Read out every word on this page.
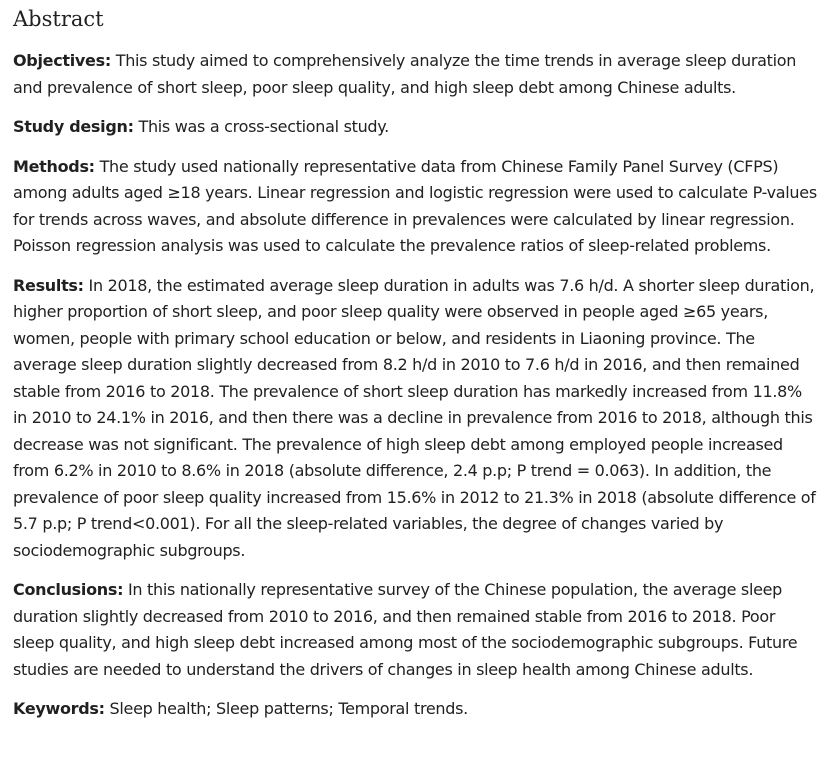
Abstract

Objectives: This study aimed to comprehensively analyze the time trends in average sleep duration and prevalence of short sleep, poor sleep quality, and high sleep debt among Chinese adults.

Study design: This was a cross-sectional study.

Methods: The study used nationally representative data from Chinese Family Panel Survey (CFPS) among adults aged ≥18 years. Linear regression and logistic regression were used to calculate P-values for trends across waves, and absolute difference in prevalences were calculated by linear regression. Poisson regression analysis was used to calculate the prevalence ratios of sleep-related problems.

Results: In 2018, the estimated average sleep duration in adults was 7.6 h/d. A shorter sleep duration, higher proportion of short sleep, and poor sleep quality were observed in people aged ≥65 years, women, people with primary school education or below, and residents in Liaoning province. The average sleep duration slightly decreased from 8.2 h/d in 2010 to 7.6 h/d in 2016, and then remained stable from 2016 to 2018. The prevalence of short sleep duration has markedly increased from 11.8% in 2010 to 24.1% in 2016, and then there was a decline in prevalence from 2016 to 2018, although this decrease was not significant. The prevalence of high sleep debt among employed people increased from 6.2% in 2010 to 8.6% in 2018 (absolute difference, 2.4 p.p; P trend = 0.063). In addition, the prevalence of poor sleep quality increased from 15.6% in 2012 to 21.3% in 2018 (absolute difference of 5.7 p.p; P trend<0.001). For all the sleep-related variables, the degree of changes varied by sociodemographic subgroups.

Conclusions: In this nationally representative survey of the Chinese population, the average sleep duration slightly decreased from 2010 to 2016, and then remained stable from 2016 to 2018. Poor sleep quality, and high sleep debt increased among most of the sociodemographic subgroups. Future studies are needed to understand the drivers of changes in sleep health among Chinese adults.

Keywords: Sleep health; Sleep patterns; Temporal trends.
